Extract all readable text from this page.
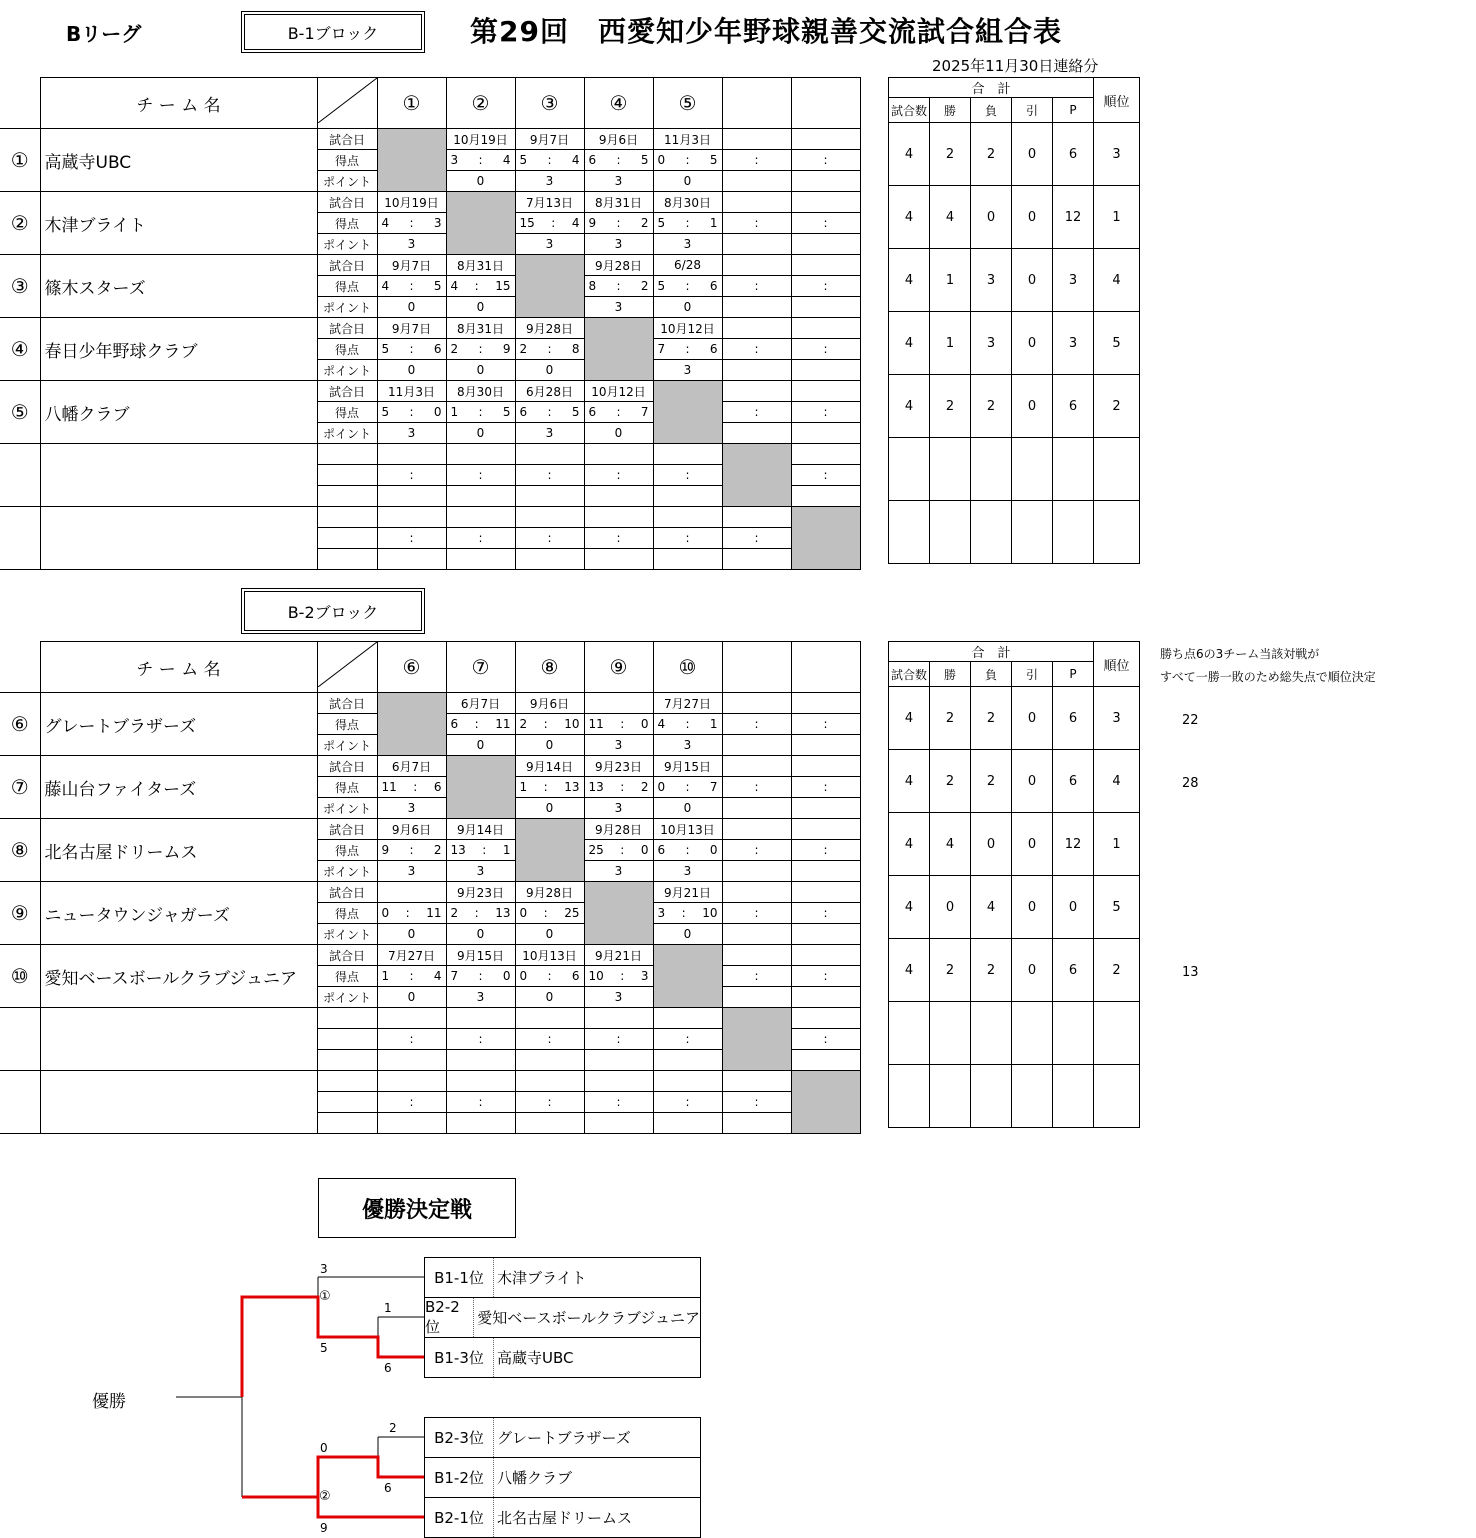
Bリーグ	B-1ブロック	第29回　西愛知少年野球親善交流試合組合表
2025年11月30日連絡分
	チ ー ム 名		①	②	③	④	⑤		
①	高蔵寺UBC	試合日		10月19日	9月7日	9月6日	11月3日		
		得点		3 : 4	5 : 4	6 : 5	0 : 5	:	:

		ポイント		0	3	3	0		
②	木津ブライト	試合日	10月19日		7月13日	8月31日	8月30日		
		得点	4 : 3		15 : 4	9 : 2	5 : 1	:	:

		ポイント	3		3	3	3		
③	篠木スターズ	試合日	9月7日	8月31日		9月28日	6/28		
		得点	4 : 5	4 : 15		8 : 2	5 : 6	:	:

		ポイント	0	0		3	0		
④	春日少年野球クラブ	試合日	9月7日	8月31日	9月28日		10月12日		
		得点	5 : 6	2 : 9	2 : 8		7 : 6	:	:

		ポイント	0	0	0		3		
⑤	八幡クラブ	試合日	11月3日	8月30日	6月28日	10月12日			
		得点	5 : 0	1 : 5	6 : 5	6 : 7		:	:

		ポイント	3	0	3	0			

			:	:	:	:	:		:

			:	:	:	:	:	:	

合　計					順位
試合数	勝	負	引	P	
4	2	2	0	6	3
4	4	0	0	12	1
4	1	3	0	3	4
4	1	3	0	3	5
4	2	2	0	6	2

B-2ブロック
	チ ー ム 名		⑥	⑦	⑧	⑨	⑩		
⑥	グレートブラザーズ	試合日		6月7日	9月6日		7月27日		
		得点		6 : 11	2 : 10	11 : 0	4 : 1	:	:

		ポイント		0	0	3	3		
⑦	藤山台ファイターズ	試合日	6月7日		9月14日	9月23日	9月15日		
		得点	11 : 6		1 : 13	13 : 2	0 : 7	:	:

		ポイント	3		0	3	0		
⑧	北名古屋ドリームス	試合日	9月6日	9月14日		9月28日	10月13日		
		得点	9 : 2	13 : 1		25 : 0	6 : 0	:	:

		ポイント	3	3		3	3		
⑨	ニュータウンジャガーズ	試合日		9月23日	9月28日		9月21日		
		得点	0 : 11	2 : 13	0 : 25		3 : 10	:	:

		ポイント	0	0	0		0		
⑩	愛知ベースボールクラブジュニア	試合日	7月27日	9月15日	10月13日	9月21日			
		得点	1 : 4	7 : 0	0 : 6	10 : 3		:	:

		ポイント	0	3	0	3			

			:	:	:	:	:		:

			:	:	:	:	:	:	

合　計					順位
試合数	勝	負	引	P	
4	2	2	0	6	3
4	2	2	0	6	4
4	4	0	0	12	1
4	0	4	0	0	5
4	2	2	0	6	2

勝ち点6の3チーム当該対戦が
すべて一勝一敗のため総失点で順位決定
22
28
13
優勝決定戦
B1-1位 木津ブライト
B2-2位	愛知ベースボールクラブジュニア
B1-3位 高蔵寺UBC
B2-3位 グレートブラザーズ
B1-2位 八幡クラブ
B2-1位 北名古屋ドリームス
優勝
3
①
1
5
6
2
0
6
②
9
